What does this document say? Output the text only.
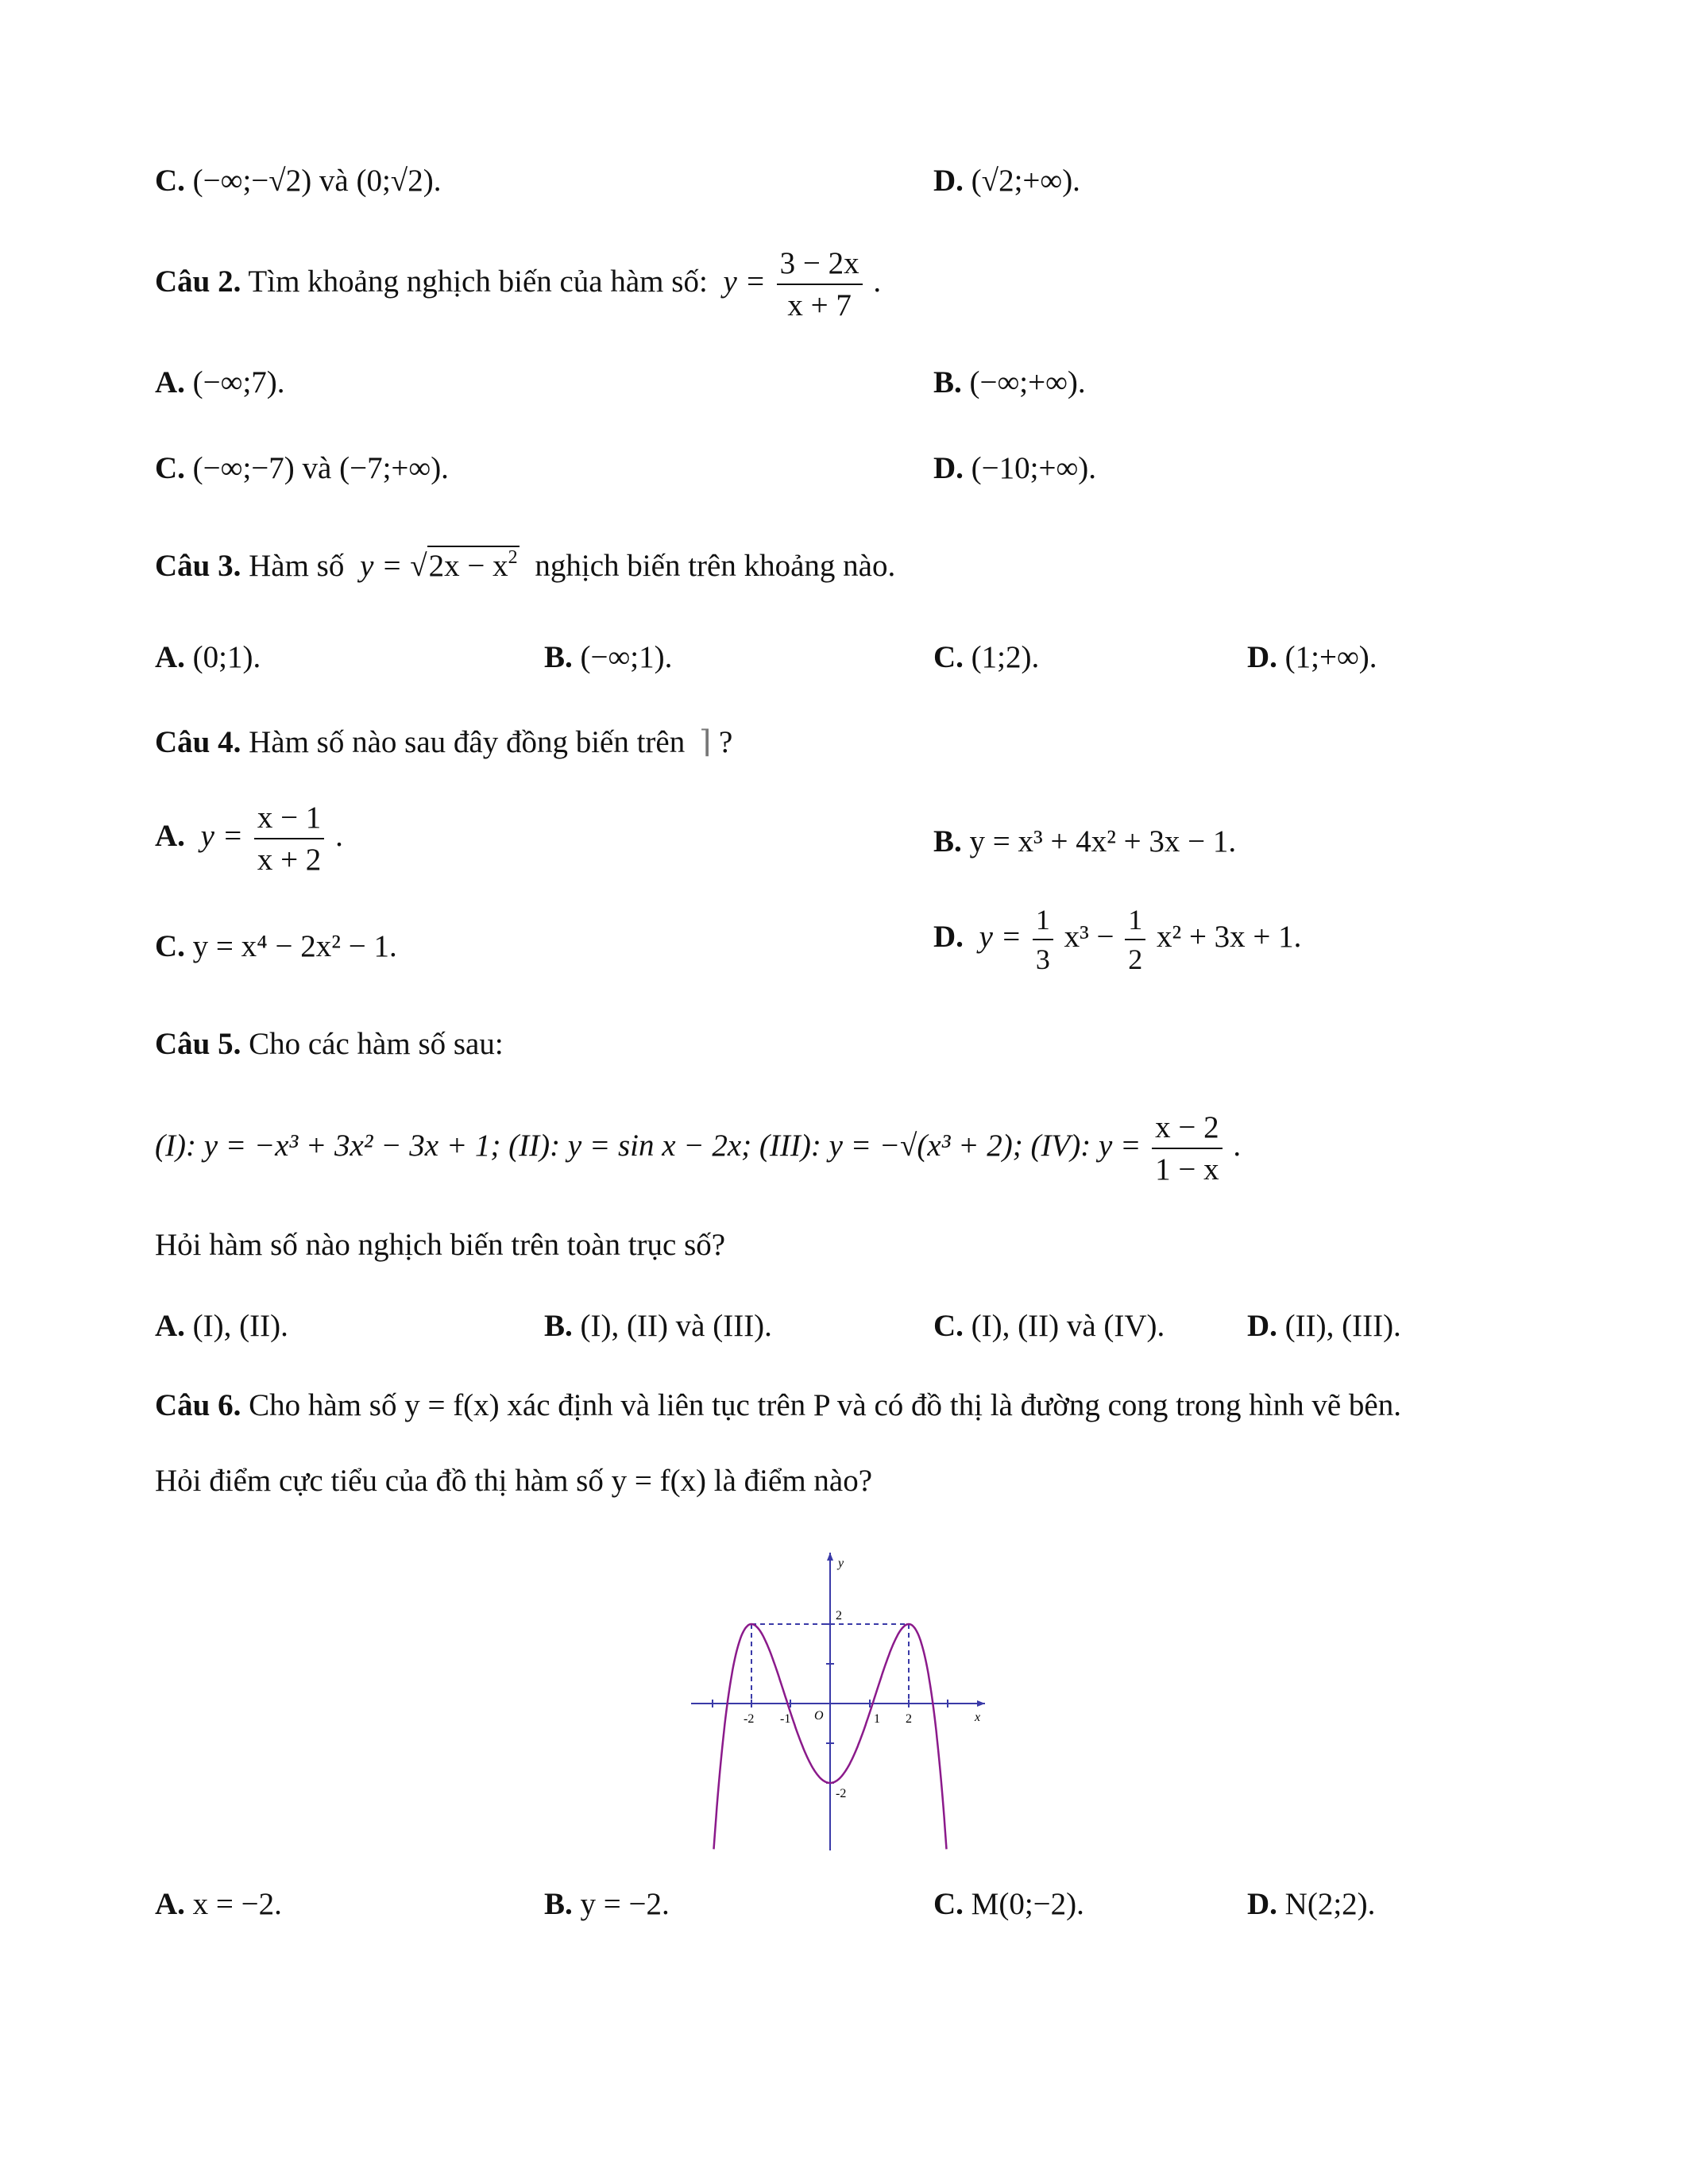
C. (−∞;−√2) và (0;√2).	D. (√2;+∞).
Câu 2. Tìm khoảng nghịch biến của hàm số: $y = \frac{3 - 2x}{x + 7}$ .
A. (−∞;7).	B. (−∞;+∞).
C. (−∞;−7) và (−7;+∞).	D. (−10;+∞).
Câu 3. Hàm số $y = √2x - x^2$ nghịch biến trên khoảng nào.
A. (0;1).	B. (−∞;1).	C. (1;2).	D. (1;+∞).
Câu 4. Hàm số nào sau đây đồng biến trên ⌉ ?
A. $y = \frac{x - 1}{x + 2}$ .	B. y = x³ + 4x² + 3x − 1.
C. y = x⁴ − 2x² − 1.	D. $y = \frac{1}{3} x^3 - \frac{1}{2} x^2 + 3x + 1$.
Câu 5. Cho các hàm số sau:
(I): y = −x³ + 3x² − 3x + 1; (II): y = sin x − 2x; (III): y = −√(x³ + 2); (IV): $y = \frac{x - 2}{1 - x}$ .
Hỏi hàm số nào nghịch biến trên toàn trục số?
A. (I), (II).	B. (I), (II) và (III).	C. (I), (II) và (IV).	D. (II), (III).
Câu 6. Cho hàm số y = f(x) xác định và liên tục trên P và có đồ thị là đường cong trong hình vẽ bên.
Hỏi điểm cực tiểu của đồ thị hàm số y = f(x) là điểm nào?
y
x
O
-2 -1	1 2
2
-2
A. x = −2.	B. y = −2.	C. M(0;−2).	D. N(2;2).
